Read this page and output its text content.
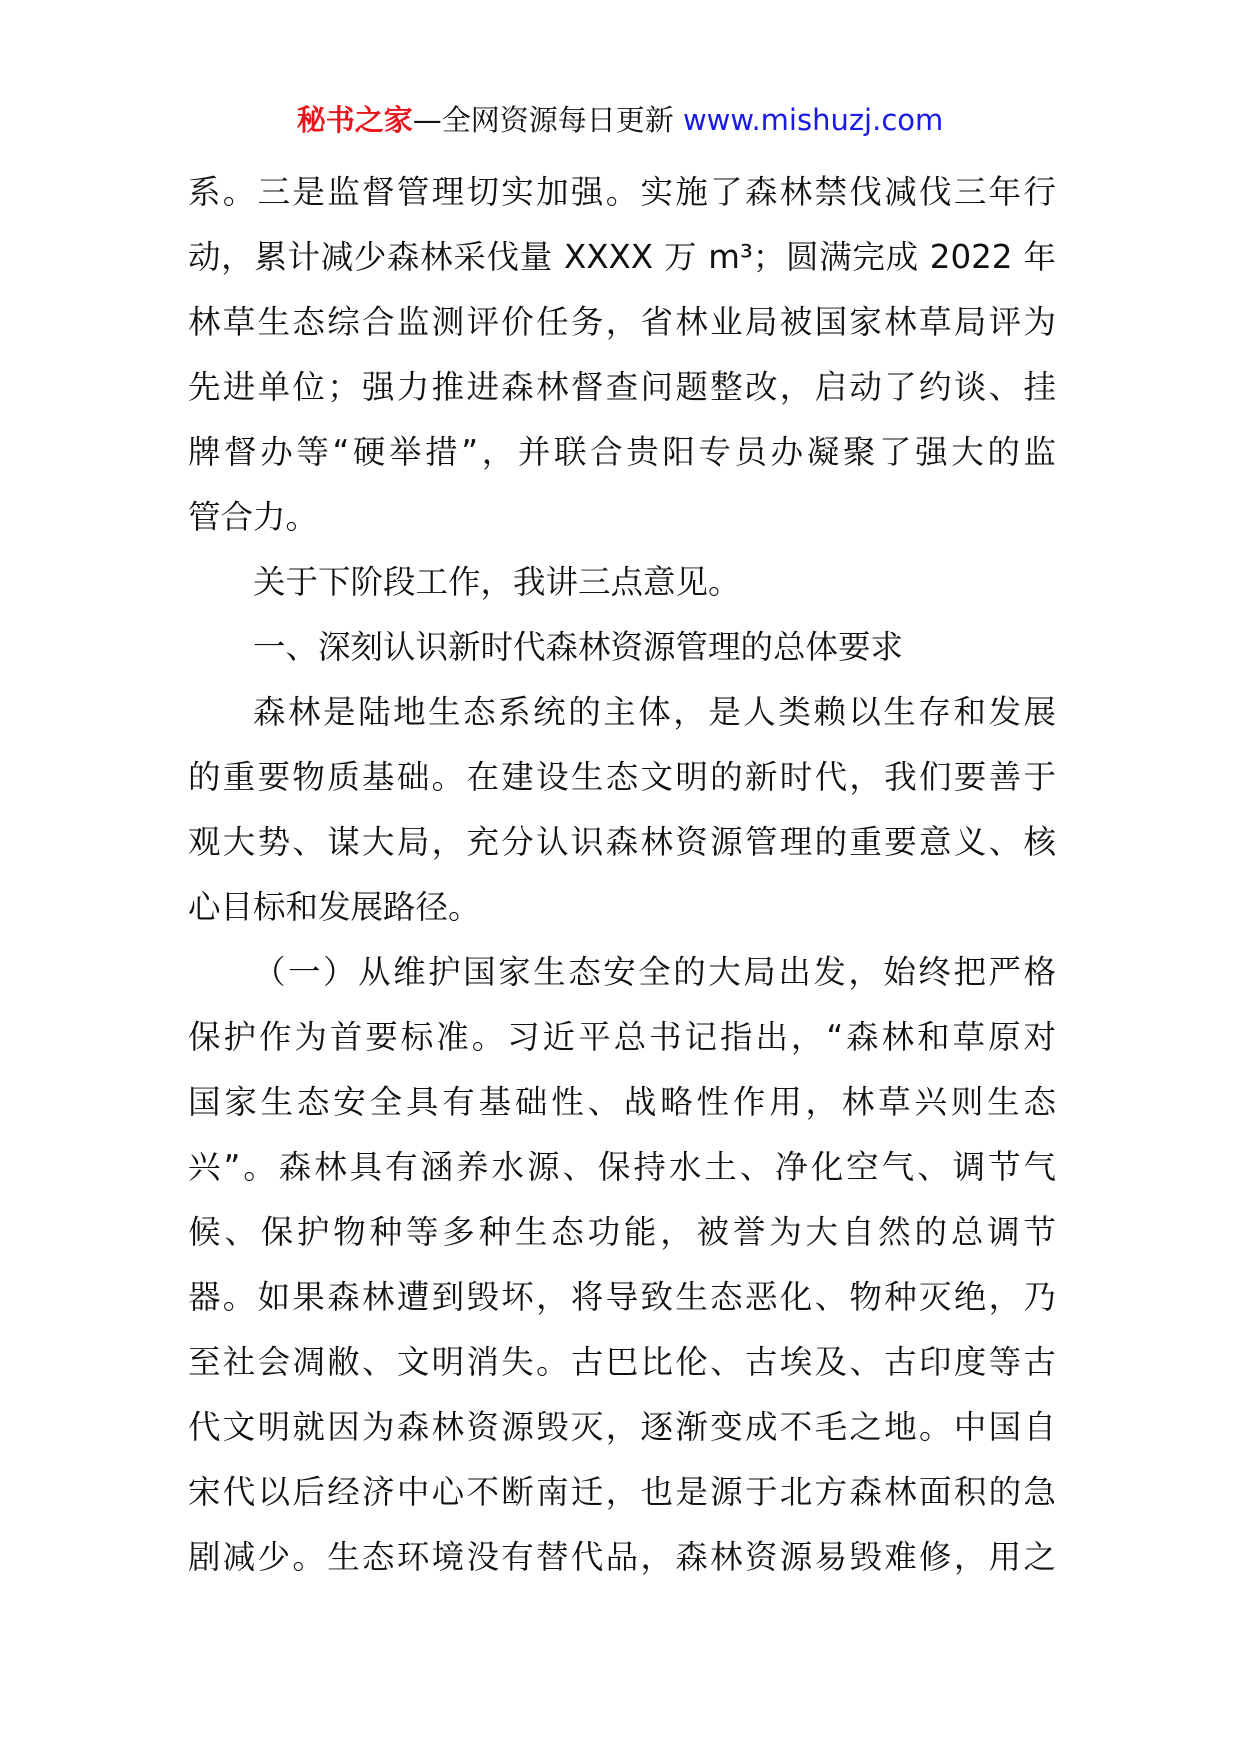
秘书之家—全网资源每日更新 www.mishuzj.com
系。三是监督管理切实加强。实施了森林禁伐减伐三年行
动，累计减少森林采伐量 XXXX 万 m³；圆满完成 2022 年
林草生态综合监测评价任务，省林业局被国家林草局评为
先进单位；强力推进森林督查问题整改，启动了约谈、挂
牌督办等“硬举措”，并联合贵阳专员办凝聚了强大的监
管合力。
关于下阶段工作，我讲三点意见。
一、深刻认识新时代森林资源管理的总体要求
森林是陆地生态系统的主体，是人类赖以生存和发展
的重要物质基础。在建设生态文明的新时代，我们要善于
观大势、谋大局，充分认识森林资源管理的重要意义、核
心目标和发展路径。
（一）从维护国家生态安全的大局出发，始终把严格
保护作为首要标准。习近平总书记指出，“森林和草原对
国家生态安全具有基础性、战略性作用，林草兴则生态
兴”。森林具有涵养水源、保持水土、净化空气、调节气
候、保护物种等多种生态功能，被誉为大自然的总调节
器。如果森林遭到毁坏，将导致生态恶化、物种灭绝，乃
至社会凋敝、文明消失。古巴比伦、古埃及、古印度等古
代文明就因为森林资源毁灭，逐渐变成不毛之地。中国自
宋代以后经济中心不断南迁，也是源于北方森林面积的急
剧减少。生态环境没有替代品，森林资源易毁难修，用之
